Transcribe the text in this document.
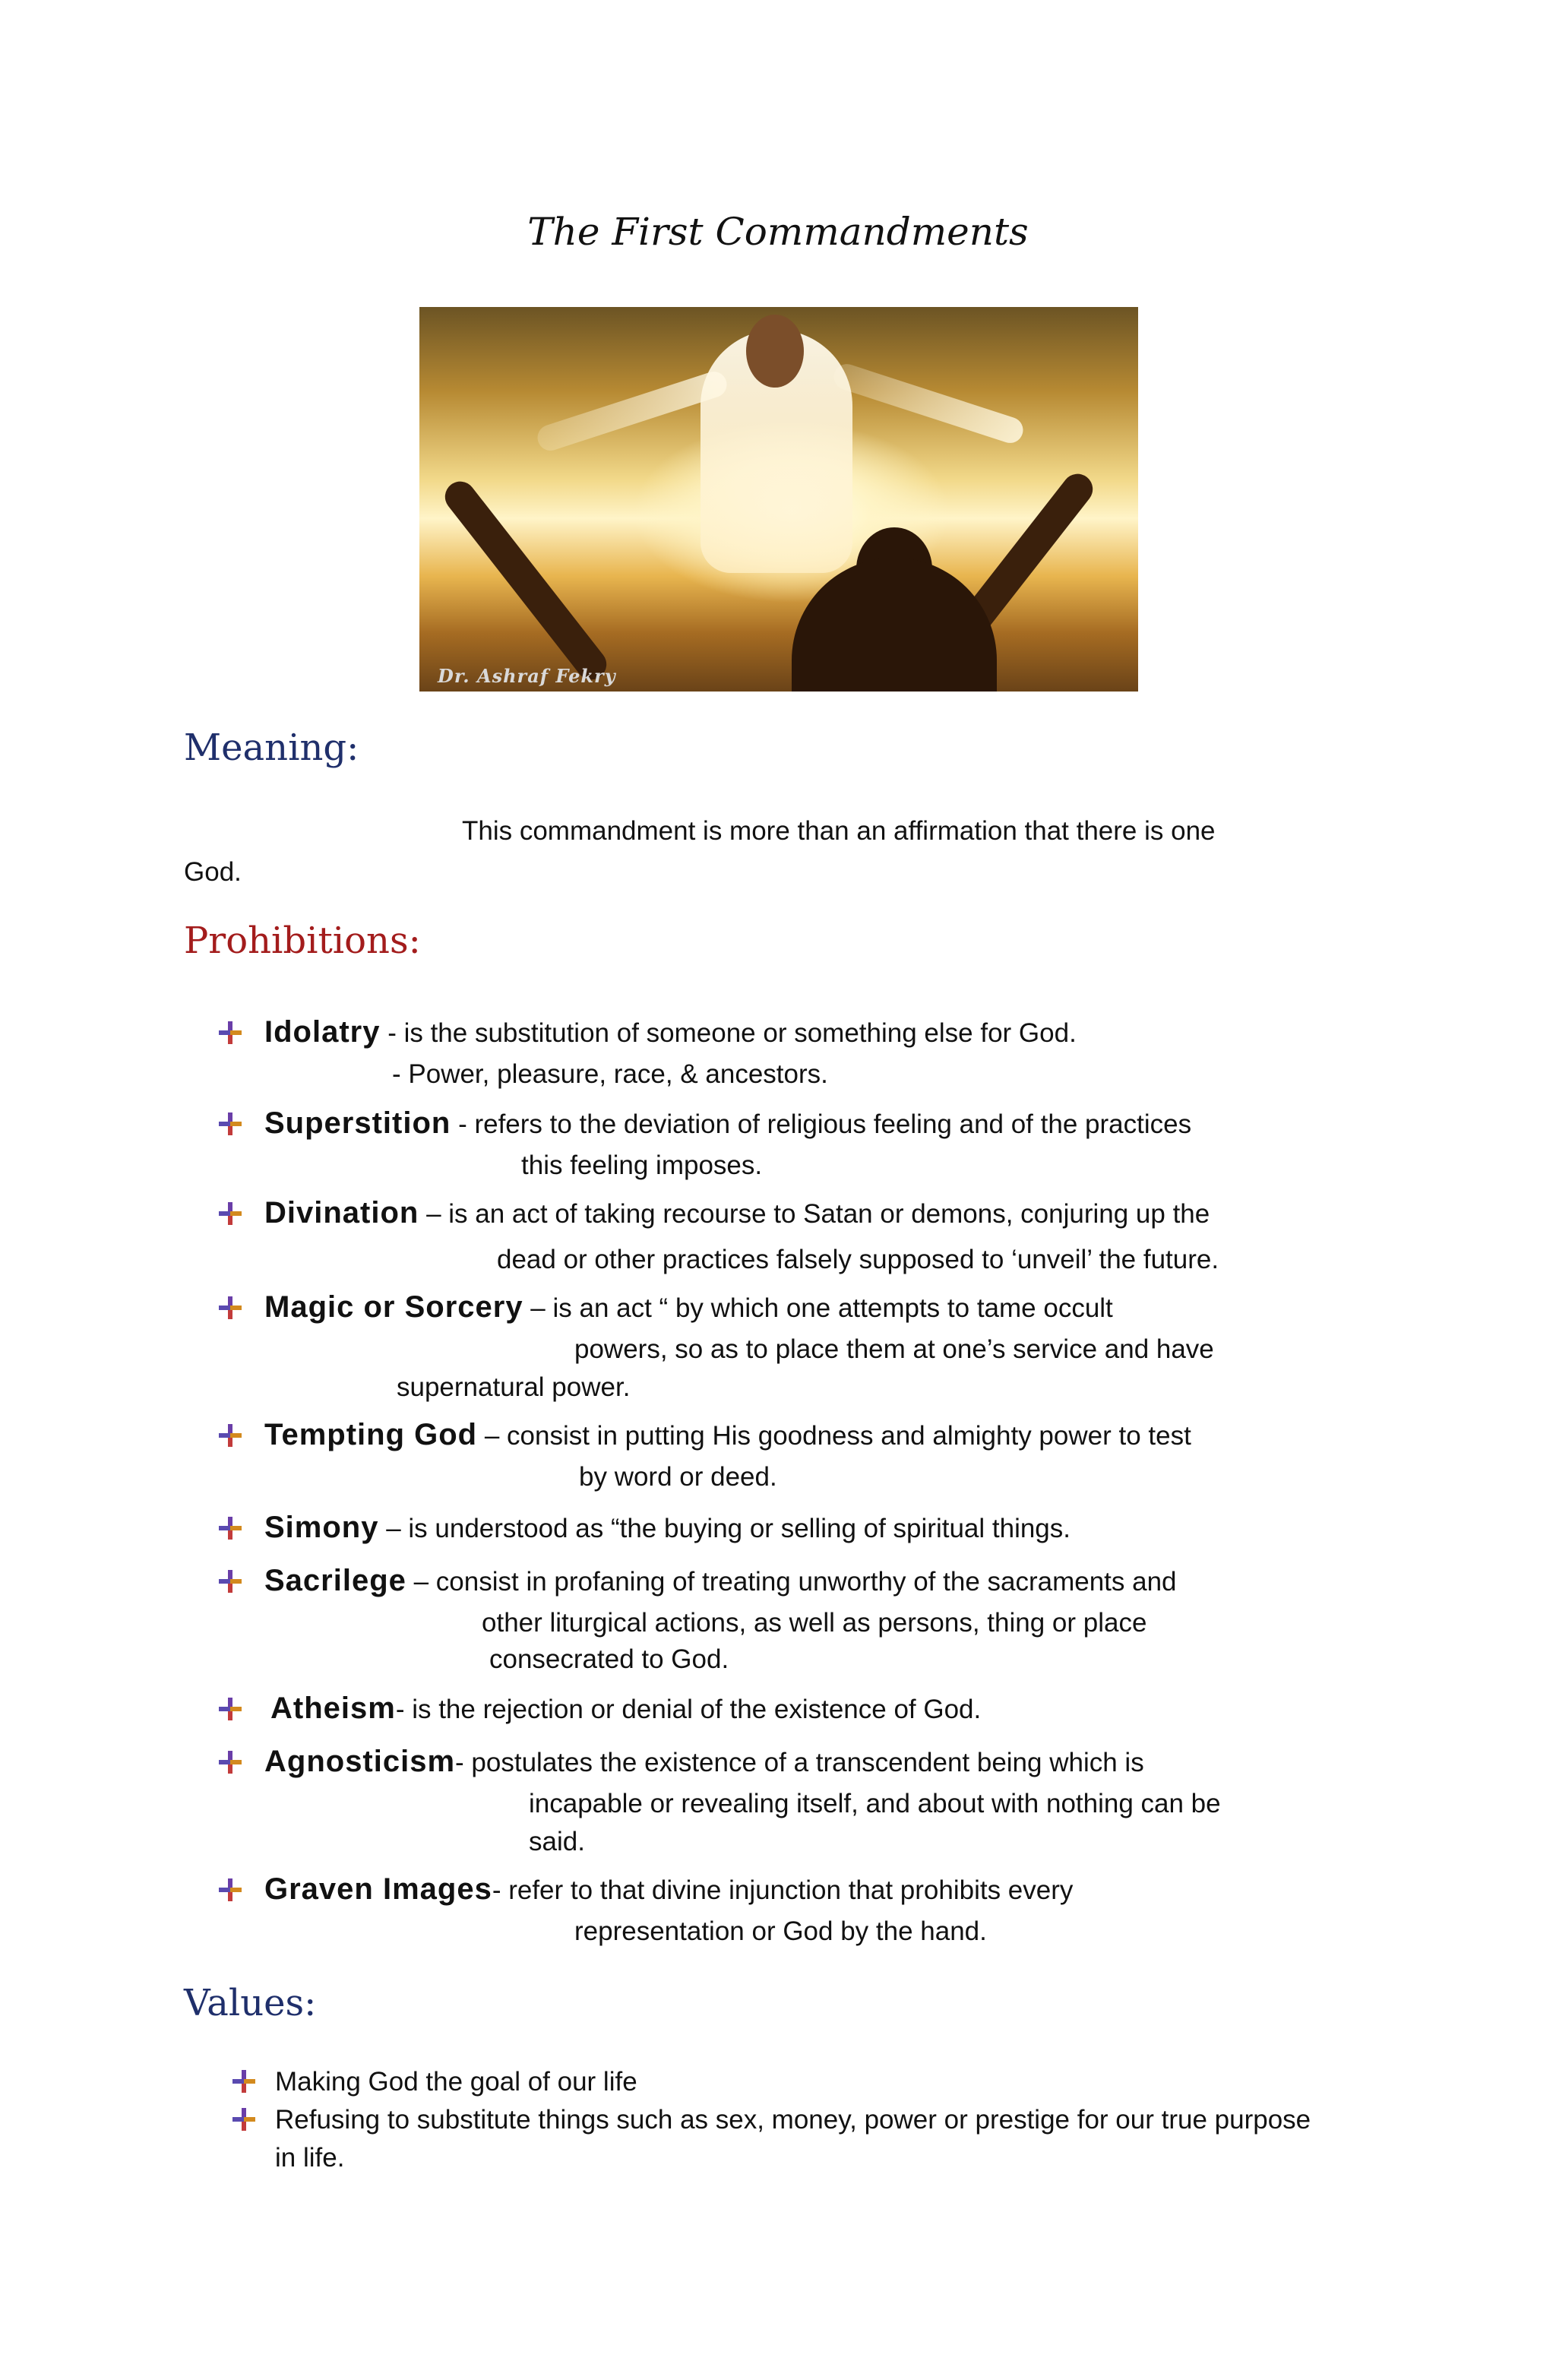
The First Commandments
Dr. Ashraf Fekry
Meaning:
This commandment is more than an affirmation that there is one
God.
Prohibitions:
Idolatry - is the substitution of someone or something else for God.
- Power, pleasure, race, & ancestors.
Superstition - refers to the deviation of religious feeling and of the practices
this feeling imposes.
Divination – is an act of taking recourse to Satan or demons, conjuring up the
dead or other practices falsely supposed to ‘unveil’ the future.
Magic or Sorcery – is an act “ by which one attempts to tame occult
powers, so as to place them at one’s service and have
supernatural power.
Tempting God – consist in putting His goodness and almighty power to test
by word or deed.
Simony – is understood as “the buying or selling of spiritual things.
Sacrilege – consist in profaning of treating unworthy of the sacraments and
other liturgical actions, as well as persons, thing or place
consecrated to God.
Atheism- is the rejection or denial of the existence of God.
Agnosticism- postulates the existence of a transcendent being which is
incapable or revealing itself, and about with nothing can be
said.
Graven Images- refer to that divine injunction that prohibits every
representation or God by the hand.
Values:
Making God the goal of our life
Refusing to substitute things such as sex, money, power or prestige for our true purpose
in life.
